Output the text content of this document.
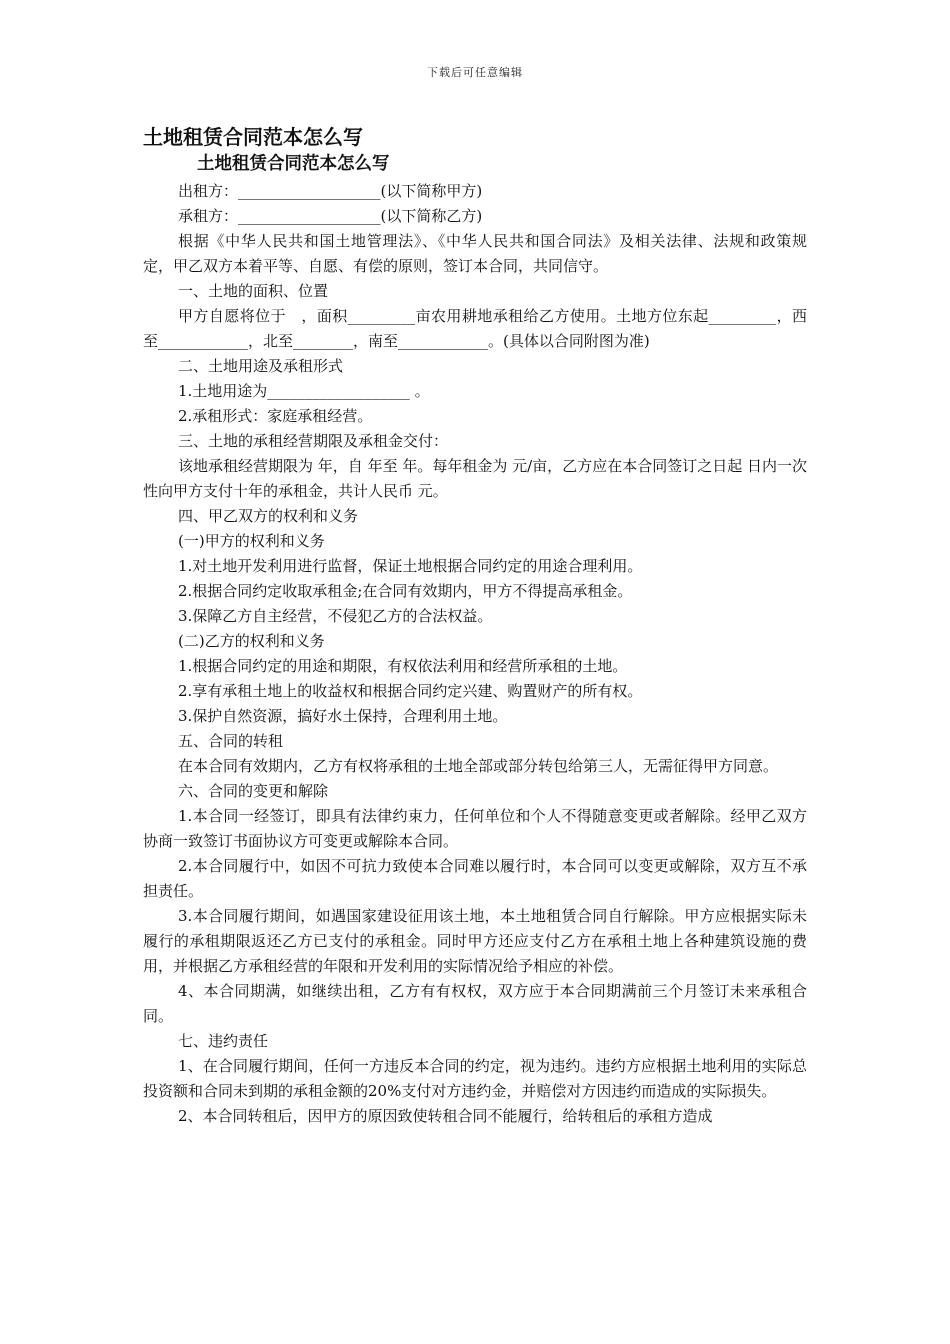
下载后可任意编辑
土地租赁合同范本怎么写
土地租赁合同范本怎么写

出租方：___________________(以下简称甲方)

承租方：___________________(以下简称乙方)

根据《中华人民共和国土地管理法》、《中华人民共和国合同法》及相关法律、法规和政策规定，甲乙双方本着平等、自愿、有偿的原则，签订本合同，共同信守。

一、土地的面积、位置

甲方自愿将位于　，面积_________亩农用耕地承租给乙方使用。土地方位东起_________，西至____________，北至________，南至____________。(具体以合同附图为准)

二、土地用途及承租形式

1.土地用途为___________________ 。

2.承租形式：家庭承租经营。

三、土地的承租经营期限及承租金交付：

该地承租经营期限为 年，自 年至 年。每年租金为 元/亩，乙方应在本合同签订之日起 日内一次性向甲方支付十年的承租金，共计人民币 元。

四、甲乙双方的权利和义务

(一)甲方的权利和义务

1.对土地开发利用进行监督，保证土地根据合同约定的用途合理利用。

2.根据合同约定收取承租金;在合同有效期内，甲方不得提高承租金。

3.保障乙方自主经营，不侵犯乙方的合法权益。

(二)乙方的权利和义务

1.根据合同约定的用途和期限，有权依法利用和经营所承租的土地。

2.享有承租土地上的收益权和根据合同约定兴建、购置财产的所有权。

3.保护自然资源，搞好水土保持，合理利用土地。

五、合同的转租

在本合同有效期内，乙方有权将承租的土地全部或部分转包给第三人，无需征得甲方同意。

六、合同的变更和解除

1.本合同一经签订，即具有法律约束力，任何单位和个人不得随意变更或者解除。经甲乙双方协商一致签订书面协议方可变更或解除本合同。

2.本合同履行中，如因不可抗力致使本合同难以履行时，本合同可以变更或解除，双方互不承担责任。

3.本合同履行期间，如遇国家建设征用该土地，本土地租赁合同自行解除。甲方应根据实际未履行的承租期限返还乙方已支付的承租金。同时甲方还应支付乙方在承租土地上各种建筑设施的费用，并根据乙方承租经营的年限和开发利用的实际情况给予相应的补偿。

4、本合同期满，如继续出租，乙方有有权权，双方应于本合同期满前三个月签订未来承租合同。

七、违约责任

1、在合同履行期间，任何一方违反本合同的约定，视为违约。违约方应根据土地利用的实际总投资额和合同未到期的承租金额的20%支付对方违约金，并赔偿对方因违约而造成的实际损失。

2、本合同转租后，因甲方的原因致使转租合同不能履行，给转租后的承租方造成
